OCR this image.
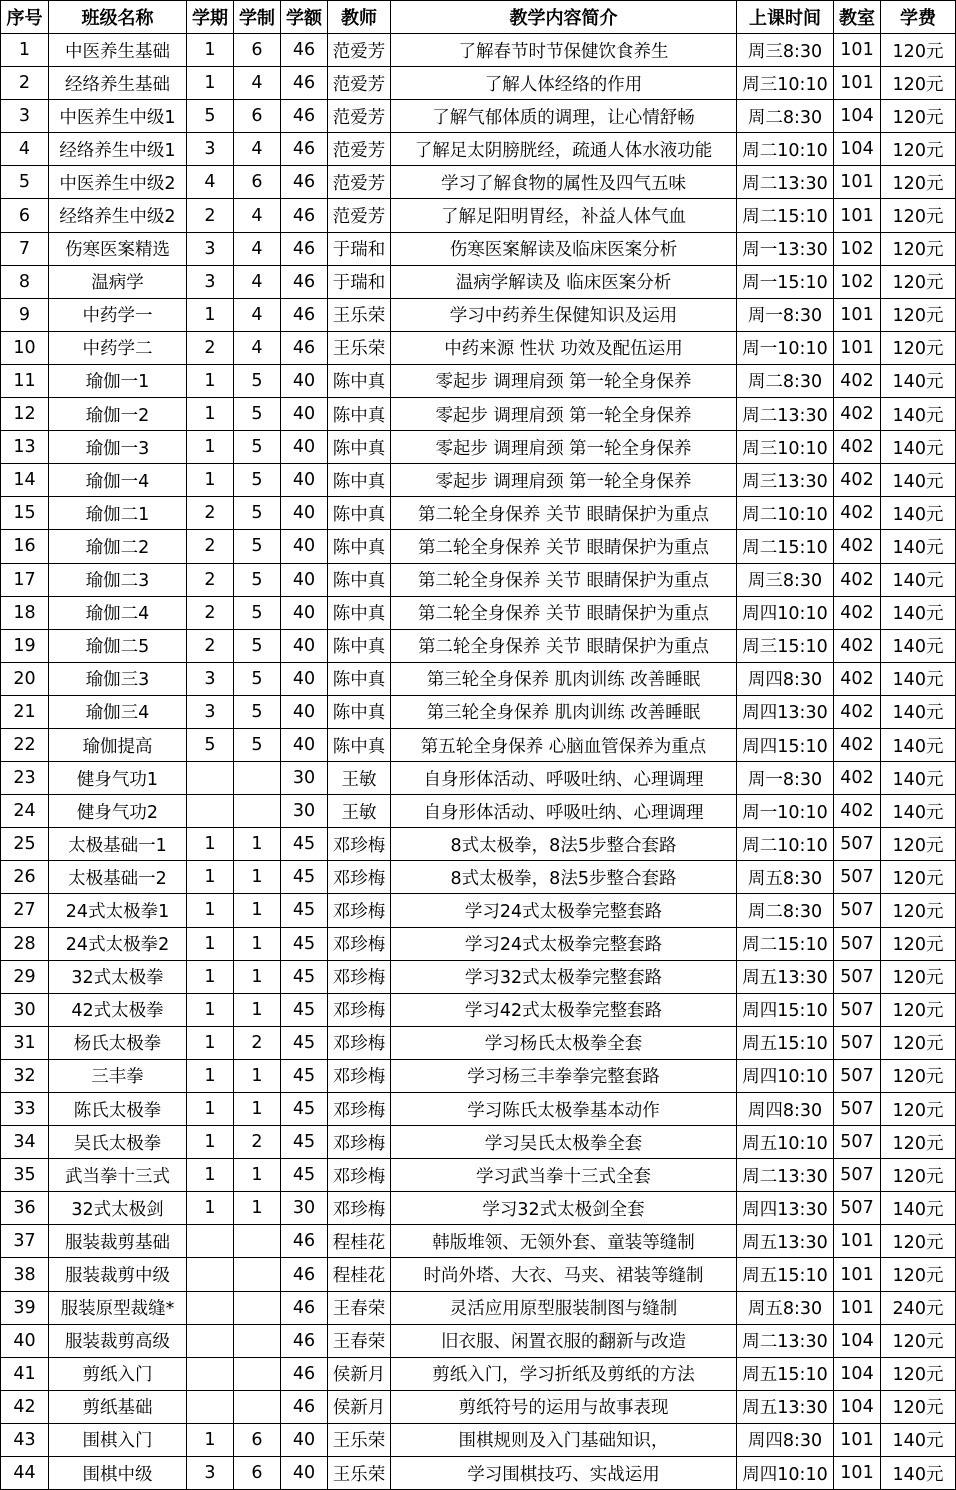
序号	班级名称	学期	学制	学额	教师	教学内容简介	上课时间	教室	学费
1	中医养生基础	1	6	46	范爱芳	了解春节时节保健饮食养生	周三8:30	101	120元
2	经络养生基础	1	4	46	范爱芳	了解人体经络的作用	周三10:10	101	120元
3	中医养生中级1	5	6	46	范爱芳	了解气郁体质的调理，让心情舒畅	周二8:30	104	120元
4	经络养生中级1	3	4	46	范爱芳	了解足太阴膀胱经，疏通人体水液功能	周二10:10	104	120元
5	中医养生中级2	4	6	46	范爱芳	学习了解食物的属性及四气五味	周二13:30	101	120元
6	经络养生中级2	2	4	46	范爱芳	了解足阳明胃经，补益人体气血	周二15:10	101	120元
7	伤寒医案精选	3	4	46	于瑞和	伤寒医案解读及临床医案分析	周一13:30	102	120元
8	温病学	3	4	46	于瑞和	温病学解读及 临床医案分析	周一15:10	102	120元
9	中药学一	1	4	46	王乐荣	学习中药养生保健知识及运用	周一8:30	101	120元
10	中药学二	2	4	46	王乐荣	中药来源 性状 功效及配伍运用	周一10:10	101	120元
11	瑜伽一1	1	5	40	陈中真	零起步 调理肩颈 第一轮全身保养	周二8:30	402	140元
12	瑜伽一2	1	5	40	陈中真	零起步 调理肩颈 第一轮全身保养	周二13:30	402	140元
13	瑜伽一3	1	5	40	陈中真	零起步 调理肩颈 第一轮全身保养	周三10:10	402	140元
14	瑜伽一4	1	5	40	陈中真	零起步 调理肩颈 第一轮全身保养	周三13:30	402	140元
15	瑜伽二1	2	5	40	陈中真	第二轮全身保养 关节 眼睛保护为重点	周二10:10	402	140元
16	瑜伽二2	2	5	40	陈中真	第二轮全身保养 关节 眼睛保护为重点	周二15:10	402	140元
17	瑜伽二3	2	5	40	陈中真	第二轮全身保养 关节 眼睛保护为重点	周三8:30	402	140元
18	瑜伽二4	2	5	40	陈中真	第二轮全身保养 关节 眼睛保护为重点	周四10:10	402	140元
19	瑜伽二5	2	5	40	陈中真	第二轮全身保养 关节 眼睛保护为重点	周三15:10	402	140元
20	瑜伽三3	3	5	40	陈中真	第三轮全身保养 肌肉训练 改善睡眠	周四8:30	402	140元
21	瑜伽三4	3	5	40	陈中真	第三轮全身保养 肌肉训练 改善睡眠	周四13:30	402	140元
22	瑜伽提高	5	5	40	陈中真	第五轮全身保养 心脑血管保养为重点	周四15:10	402	140元
23	健身气功1			30	王敏	自身形体活动、呼吸吐纳、心理调理	周一8:30	402	140元
24	健身气功2			30	王敏	自身形体活动、呼吸吐纳、心理调理	周一10:10	402	140元
25	太极基础一1	1	1	45	邓珍梅	8式太极拳，8法5步整合套路	周二10:10	507	120元
26	太极基础一2	1	1	45	邓珍梅	8式太极拳，8法5步整合套路	周五8:30	507	120元
27	24式太极拳1	1	1	45	邓珍梅	学习24式太极拳完整套路	周二8:30	507	120元
28	24式太极拳2	1	1	45	邓珍梅	学习24式太极拳完整套路	周二15:10	507	120元
29	32式太极拳	1	1	45	邓珍梅	学习32式太极拳完整套路	周五13:30	507	120元
30	42式太极拳	1	1	45	邓珍梅	学习42式太极拳完整套路	周四15:10	507	120元
31	杨氏太极拳	1	2	45	邓珍梅	学习杨氏太极拳全套	周五15:10	507	120元
32	三丰拳	1	1	45	邓珍梅	学习杨三丰拳拳完整套路	周四10:10	507	120元
33	陈氏太极拳	1	1	45	邓珍梅	学习陈氏太极拳基本动作	周四8:30	507	120元
34	吴氏太极拳	1	2	45	邓珍梅	学习吴氏太极拳全套	周五10:10	507	120元
35	武当拳十三式	1	1	45	邓珍梅	学习武当拳十三式全套	周二13:30	507	120元
36	32式太极剑	1	1	30	邓珍梅	学习32式太极剑全套	周四13:30	507	140元
37	服装裁剪基础			46	程桂花	韩版堆领、无领外套、童装等缝制	周五13:30	101	120元
38	服装裁剪中级			46	程桂花	时尚外塔、大衣、马夹、裙装等缝制	周五15:10	101	120元
39	服装原型裁缝*			46	王春荣	灵活应用原型服装制图与缝制	周五8:30	101	240元
40	服装裁剪高级			46	王春荣	旧衣服、闲置衣服的翻新与改造	周二13:30	104	120元
41	剪纸入门			46	侯新月	剪纸入门，学习折纸及剪纸的方法	周五15:10	104	120元
42	剪纸基础			46	侯新月	剪纸符号的运用与故事表现	周五13:30	104	120元
43	围棋入门	1	6	40	王乐荣	围棋规则及入门基础知识，	周四8:30	101	140元
44	围棋中级	3	6	40	王乐荣	学习围棋技巧、实战运用	周四10:10	101	140元
